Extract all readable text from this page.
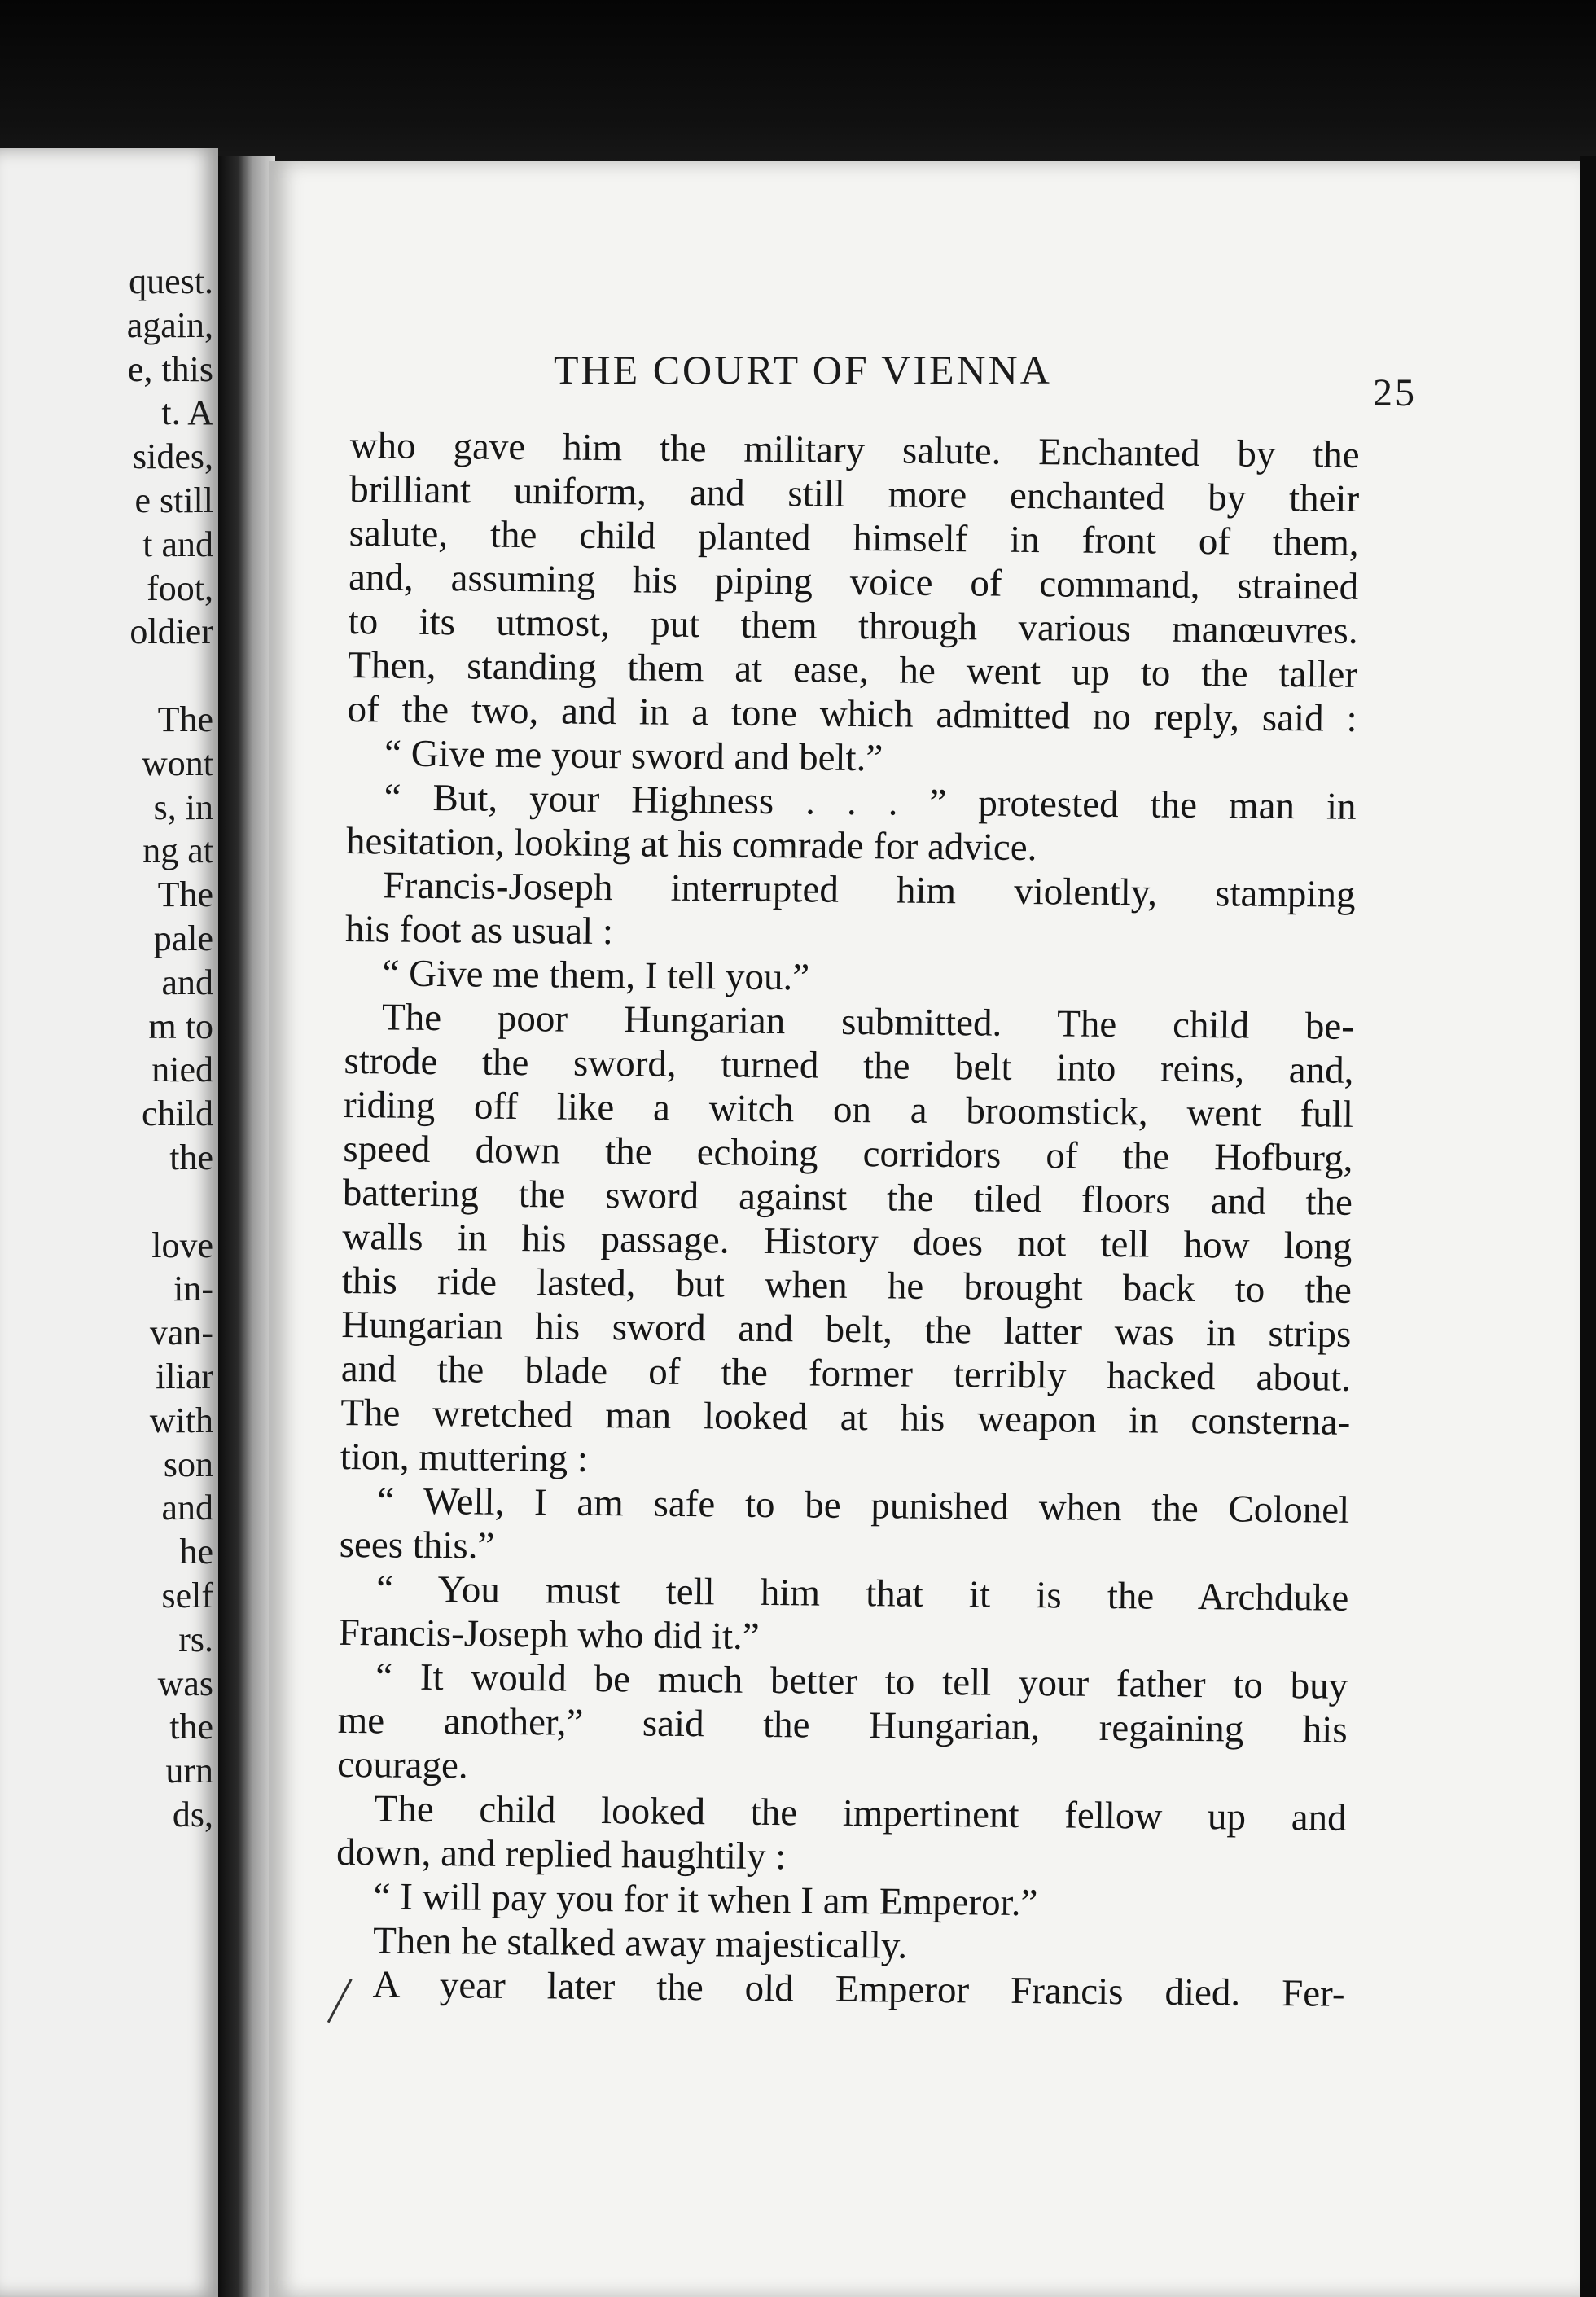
quest.
again,
e, this
t. A
sides,
e still
t and
foot,
oldier
The
wont
s, in
ng at
The
pale
and
m to
nied
child
the
love
in-
van-
iliar
with
son
and
he
self
rs.
was
the
urn
ds,
THE COURT OF VIENNA
25
who gave him the military salute. Enchanted by the
brilliant uniform, and still more enchanted by their
salute, the child planted himself in front of them,
and, assuming his piping voice of command, strained
to its utmost, put them through various manœuvres.
Then, standing them at ease, he went up to the taller
of the two, and in a tone which admitted no reply, said :
“ Give me your sword and belt.”
“ But, your Highness . . . ” protested the man in
hesitation, looking at his comrade for advice.
Francis-Joseph interrupted him violently, stamping
his foot as usual :
“ Give me them, I tell you.”
The poor Hungarian submitted. The child be-
strode the sword, turned the belt into reins, and,
riding off like a witch on a broomstick, went full
speed down the echoing corridors of the Hofburg,
battering the sword against the tiled floors and the
walls in his passage. History does not tell how long
this ride lasted, but when he brought back to the
Hungarian his sword and belt, the latter was in strips
and the blade of the former terribly hacked about.
The wretched man looked at his weapon in consterna-
tion, muttering :
“ Well, I am safe to be punished when the Colonel
sees this.”
“ You must tell him that it is the Archduke
Francis-Joseph who did it.”
“ It would be much better to tell your father to buy
me another,” said the Hungarian, regaining his
courage.
The child looked the impertinent fellow up and
down, and replied haughtily :
“ I will pay you for it when I am Emperor.”
Then he stalked away majestically.
A year later the old Emperor Francis died. Fer-
